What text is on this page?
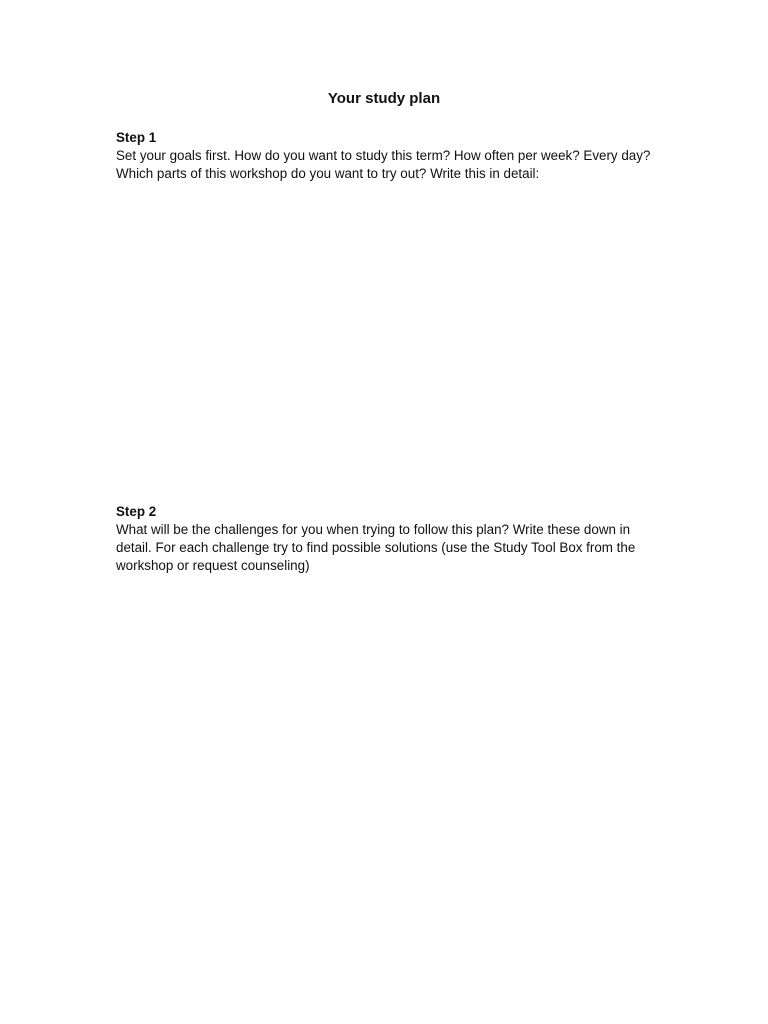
Your study plan
Step 1

Set your goals first. How do you want to study this term? How often per week? Every day? Which parts of this workshop do you want to try out? Write this in detail:

Step 2

What will be the challenges for you when trying to follow this plan? Write these down in detail. For each challenge try to find possible solutions (use the Study Tool Box from the workshop or request counseling)
